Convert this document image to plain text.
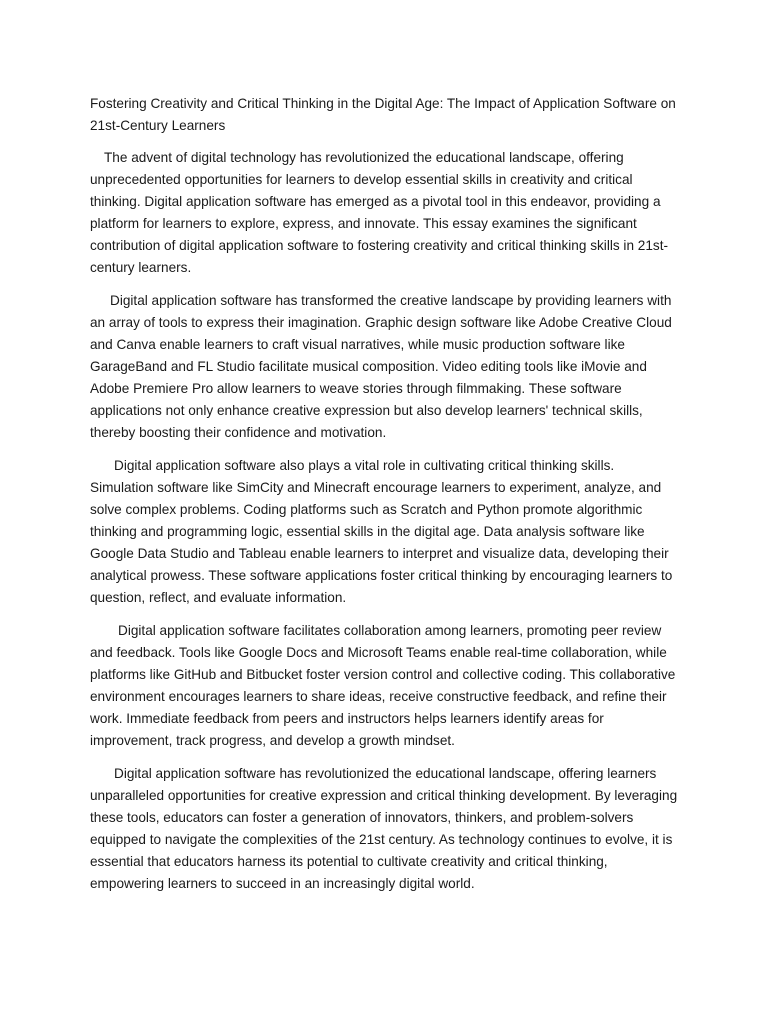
Fostering Creativity and Critical Thinking in the Digital Age: The Impact of Application Software on 21st-Century Learners

The advent of digital technology has revolutionized the educational landscape, offering unprecedented opportunities for learners to develop essential skills in creativity and critical thinking. Digital application software has emerged as a pivotal tool in this endeavor, providing a platform for learners to explore, express, and innovate. This essay examines the significant contribution of digital application software to fostering creativity and critical thinking skills in 21st-century learners.

Digital application software has transformed the creative landscape by providing learners with an array of tools to express their imagination. Graphic design software like Adobe Creative Cloud and Canva enable learners to craft visual narratives, while music production software like GarageBand and FL Studio facilitate musical composition. Video editing tools like iMovie and Adobe Premiere Pro allow learners to weave stories through filmmaking. These software applications not only enhance creative expression but also develop learners' technical skills, thereby boosting their confidence and motivation.

Digital application software also plays a vital role in cultivating critical thinking skills. Simulation software like SimCity and Minecraft encourage learners to experiment, analyze, and solve complex problems. Coding platforms such as Scratch and Python promote algorithmic thinking and programming logic, essential skills in the digital age. Data analysis software like Google Data Studio and Tableau enable learners to interpret and visualize data, developing their analytical prowess. These software applications foster critical thinking by encouraging learners to question, reflect, and evaluate information.

Digital application software facilitates collaboration among learners, promoting peer review and feedback. Tools like Google Docs and Microsoft Teams enable real-time collaboration, while platforms like GitHub and Bitbucket foster version control and collective coding. This collaborative environment encourages learners to share ideas, receive constructive feedback, and refine their work. Immediate feedback from peers and instructors helps learners identify areas for improvement, track progress, and develop a growth mindset.

Digital application software has revolutionized the educational landscape, offering learners unparalleled opportunities for creative expression and critical thinking development. By leveraging these tools, educators can foster a generation of innovators, thinkers, and problem-solvers equipped to navigate the complexities of the 21st century. As technology continues to evolve, it is essential that educators harness its potential to cultivate creativity and critical thinking, empowering learners to succeed in an increasingly digital world.
